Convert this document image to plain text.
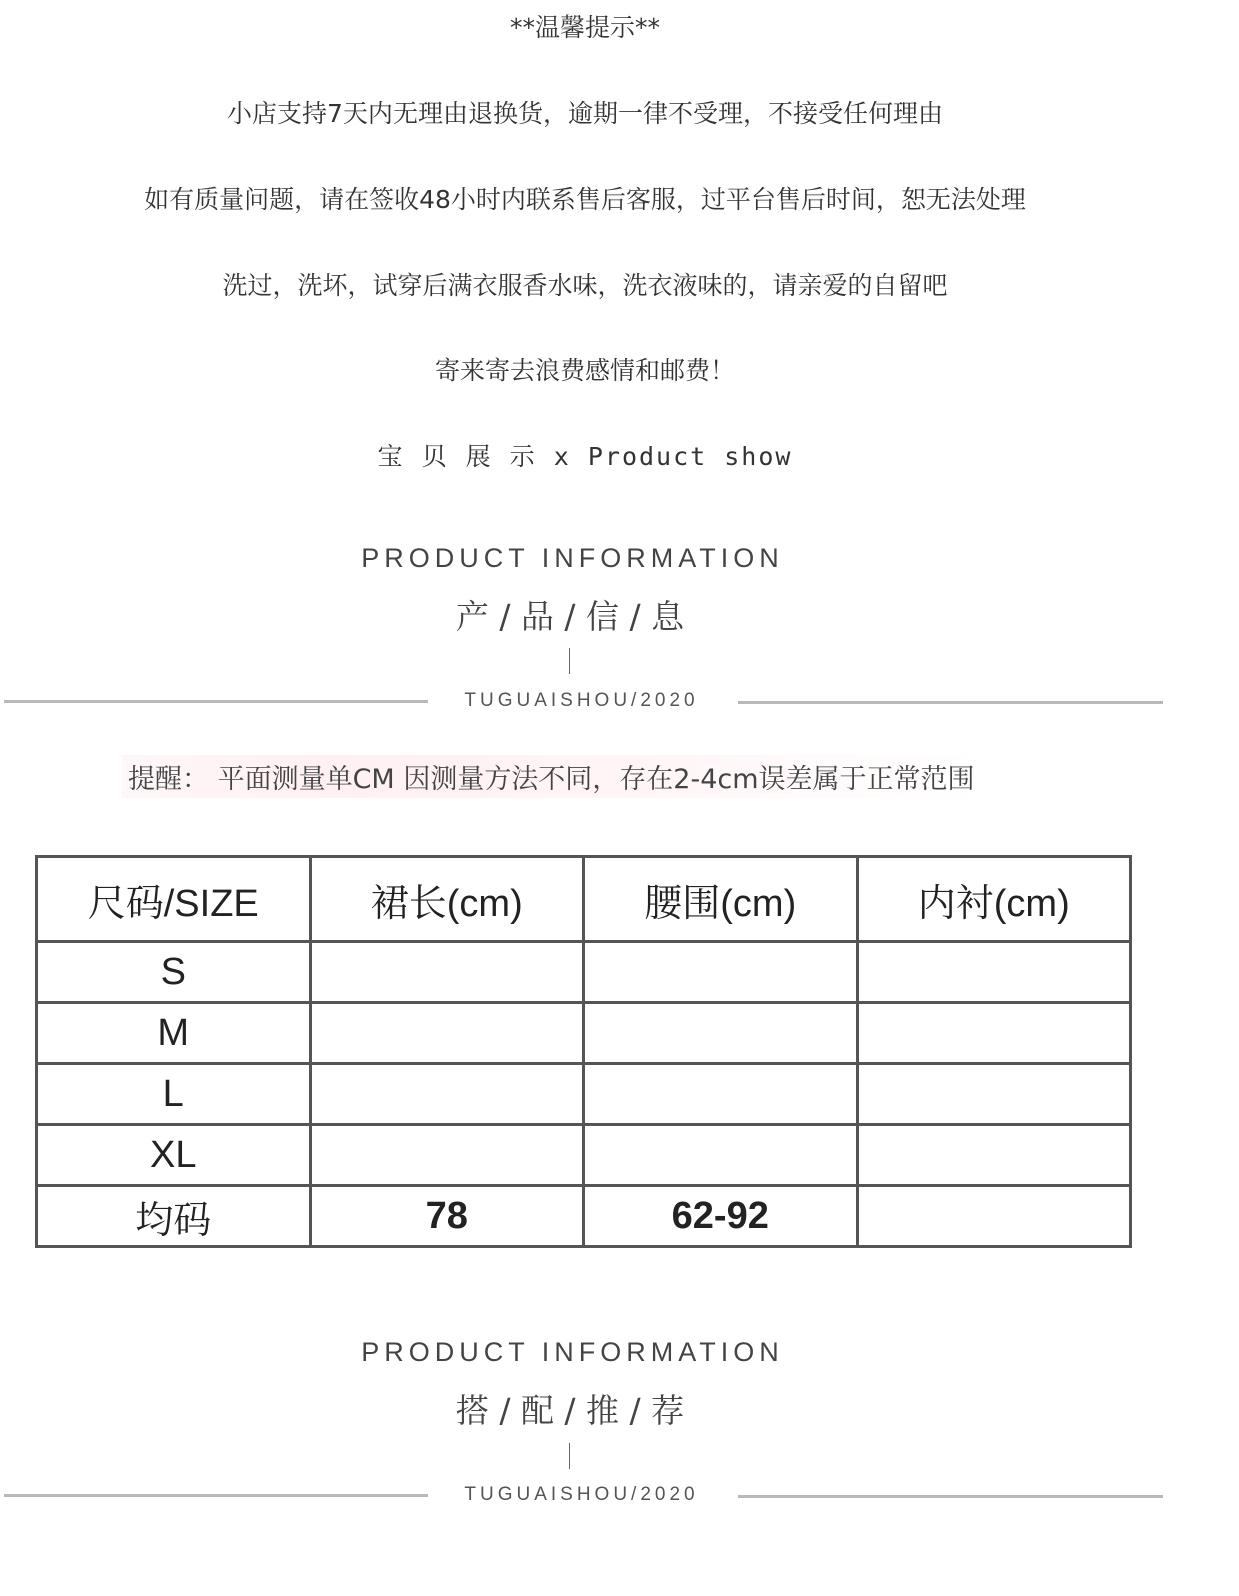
**温馨提示**
小店支持7天内无理由退换货，逾期一律不受理，不接受任何理由
如有质量问题，请在签收48小时内联系售后客服，过平台售后时间，恕无法处理
洗过，洗坏，试穿后满衣服香水味，洗衣液味的，请亲爱的自留吧
寄来寄去浪费感情和邮费！
宝 贝 展 示 x Product show
PRODUCT INFORMATION
产 / 品 / 信 / 息
TUGUAISHOU/2020
提醒： 平面测量单CM 因测量方法不同，存在2-4cm误差属于正常范围
尺码/SIZE	裙长(cm)	腰围(cm)	内衬(cm)
S			
M			
L			
XL			
均码	78	62-92	
PRODUCT INFORMATION
搭 / 配 / 推 / 荐
TUGUAISHOU/2020
